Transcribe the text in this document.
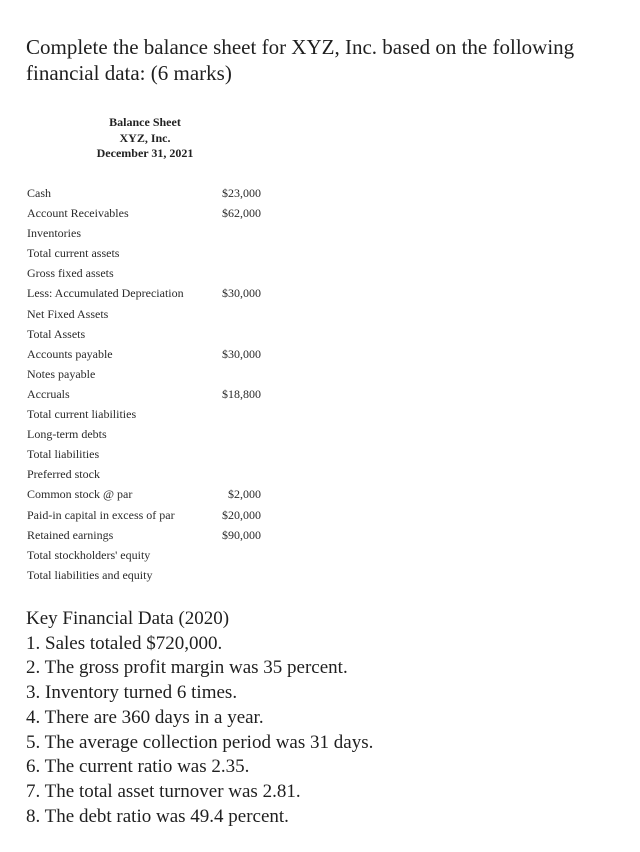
Complete the balance sheet for XYZ, Inc. based on the following
financial data: (6 marks)
Balance Sheet
XYZ, Inc.
December 31, 2021
Cash	$23,000
Account Receivables	$62,000
Inventories
Total current assets
Gross fixed assets
Less: Accumulated Depreciation	$30,000
Net Fixed Assets
Total Assets
Accounts payable	$30,000
Notes payable
Accruals	$18,800
Total current liabilities
Long-term debts
Total liabilities
Preferred stock
Common stock @ par	$2,000
Paid-in capital in excess of par	$20,000
Retained earnings	$90,000
Total stockholders' equity
Total liabilities and equity
Key Financial Data (2020)
1. Sales totaled $720,000.
2. The gross profit margin was 35 percent.
3. Inventory turned 6 times.
4. There are 360 days in a year.
5. The average collection period was 31 days.
6. The current ratio was 2.35.
7. The total asset turnover was 2.81.
8. The debt ratio was 49.4 percent.
